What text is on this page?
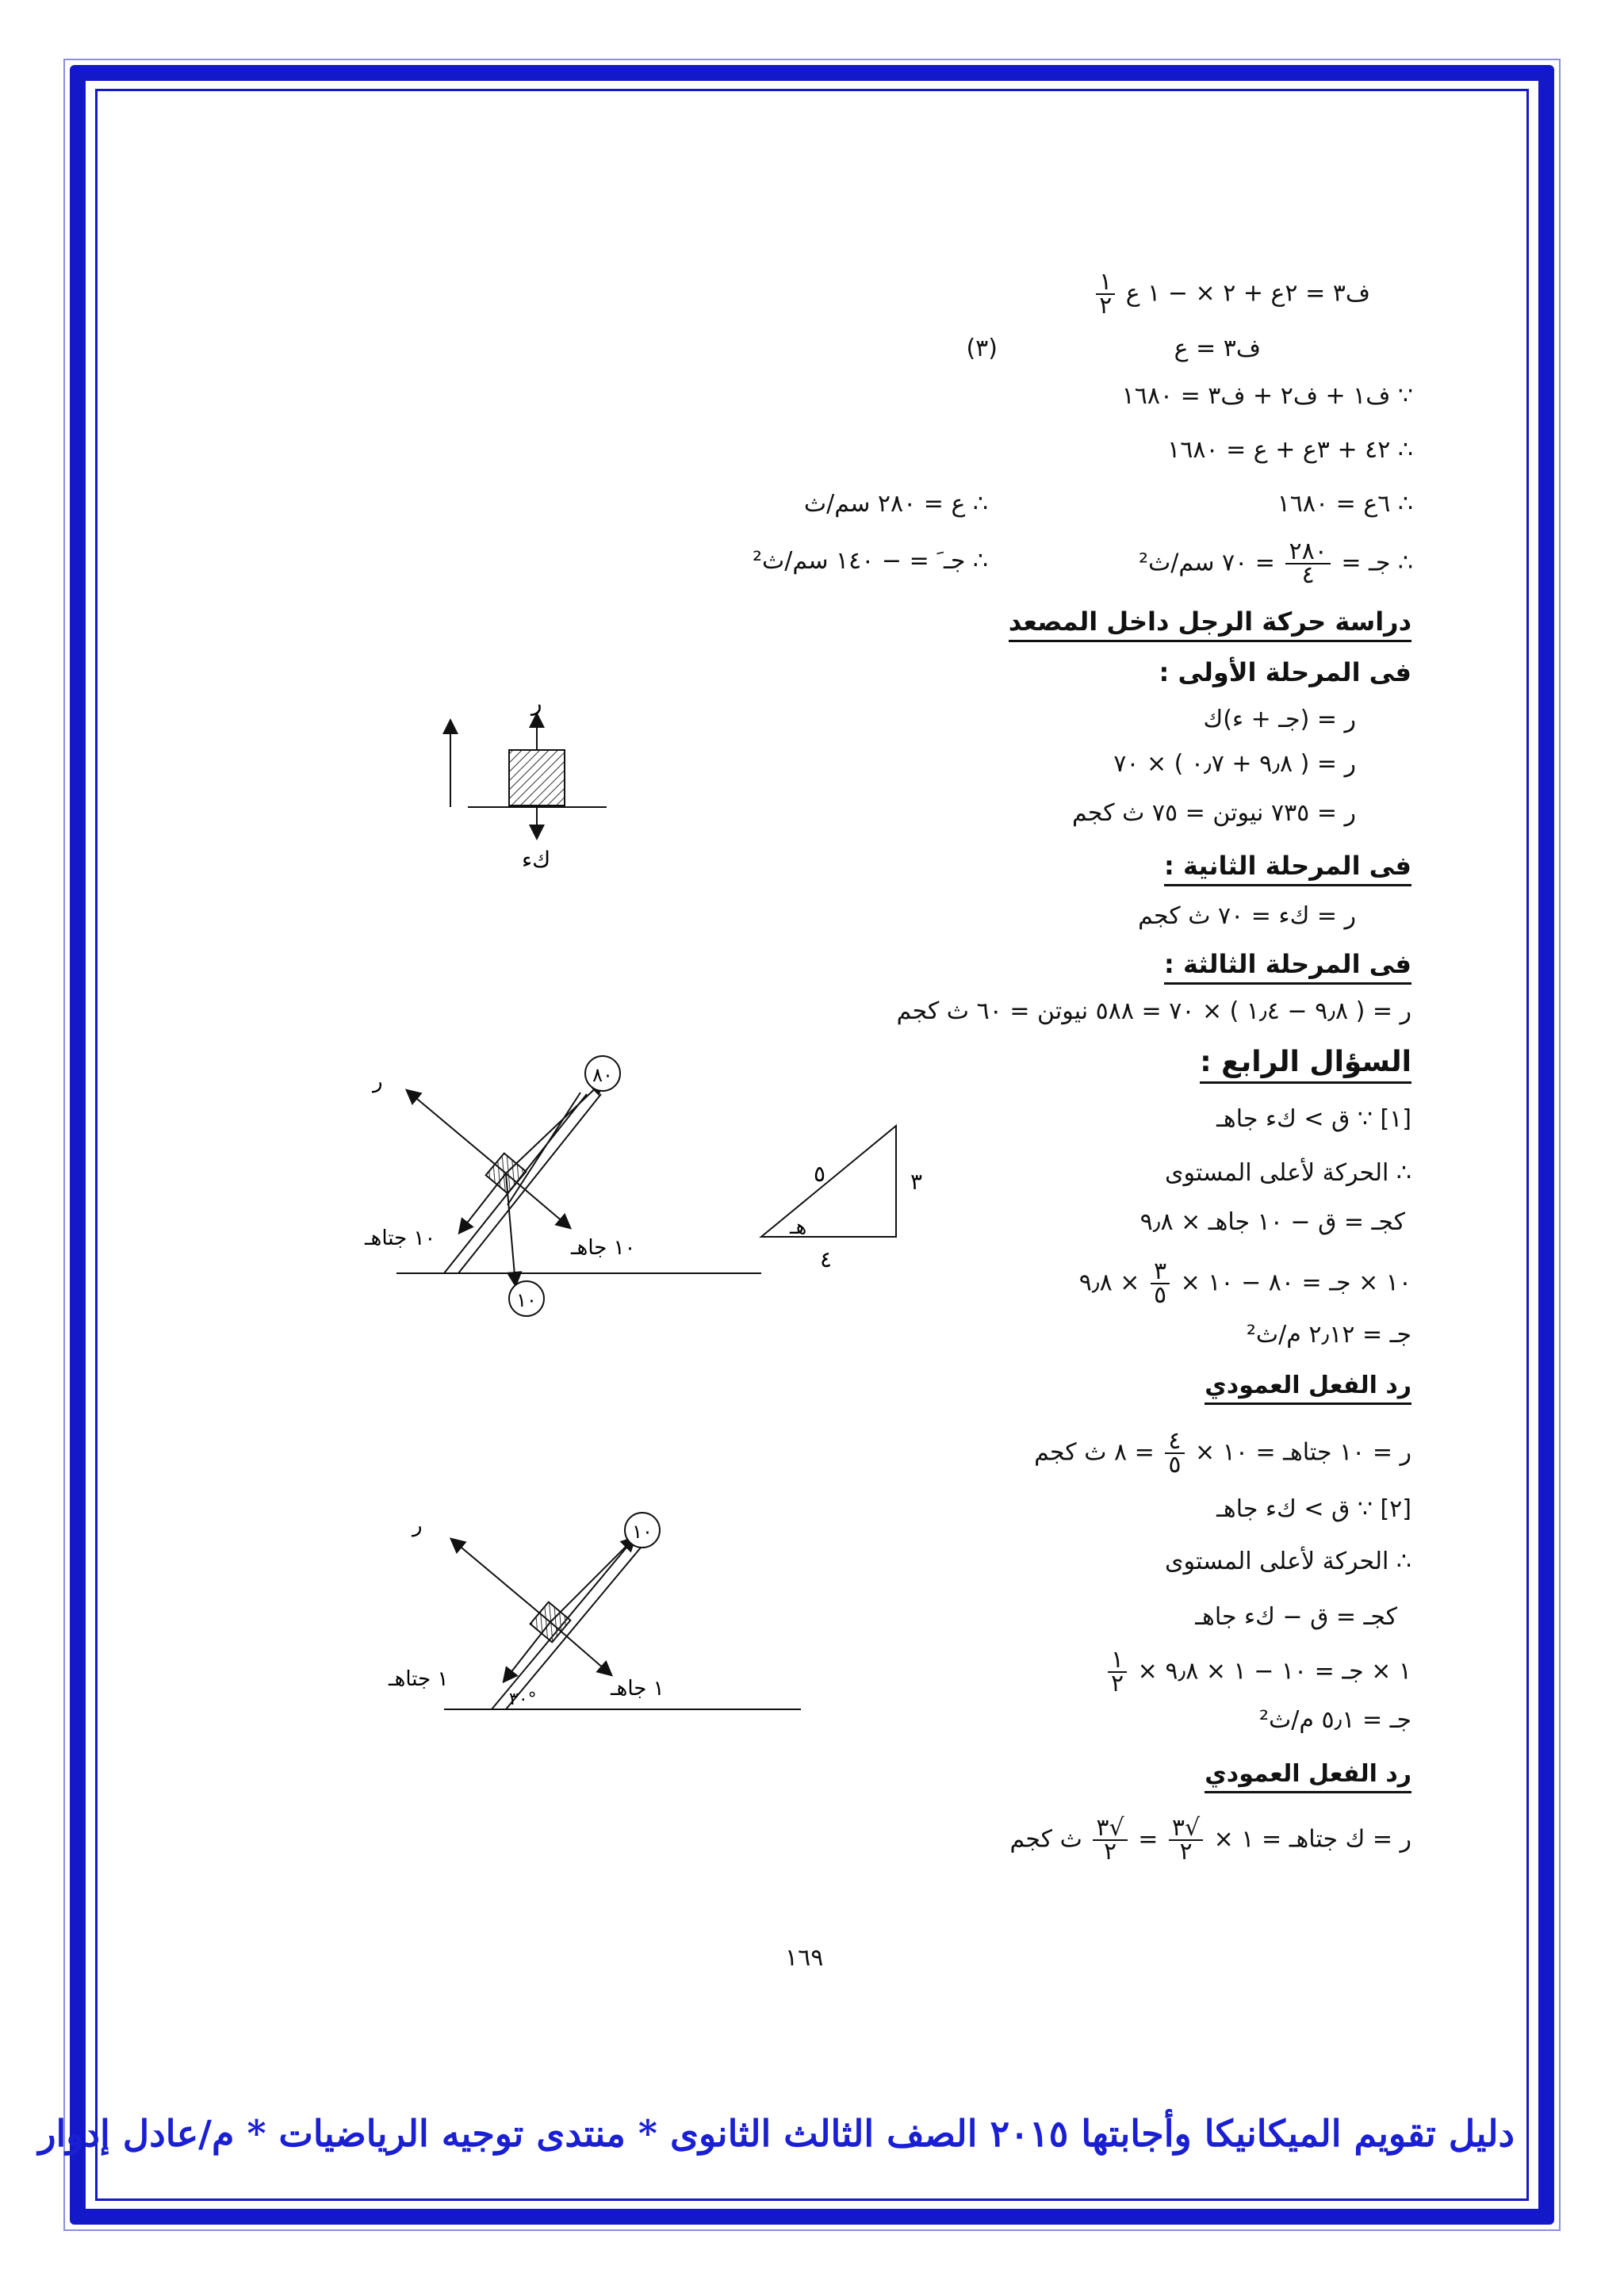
ف٣ = ٢ع + ٢ × − ١ ع
$\frac{١}{٢}$
ف٣ = ع
(٣)
∵ ف١ + ف٢ + ف٣ = ١٦٨٠
∴ ٤٢ + ٣ع + ع = ١٦٨٠
∴ ٦ع = ١٦٨٠
∴ ع = ٢٨٠ سم/ث
∴ جـ =
$\frac{٢٨٠}{٤}$
= ٧٠ سم/ث²
∴ جـ َ = − ١٤٠ سم/ث²
دراسة حركة الرجل داخل المصعد
فى المرحلة الأولى :
ر = (جـ + ء)ك
ر = ( ٩٫٨ + ٠٫٧ ) × ٧٠
ر = ٧٣٥ نيوتن = ٧٥ ث كجم
فى المرحلة الثانية :
ر = كء = ٧٠ ث كجم
فى المرحلة الثالثة :
ر = ( ٩٫٨ − ١٫٤ ) × ٧٠ = ٥٨٨ نيوتن = ٦٠ ث كجم
السؤال الرابع :
[١] ∵ ق > كء جاهـ
∴ الحركة لأعلى المستوى
كجـ = ق − ١٠ جاهـ × ٩٫٨
١٠ × جـ = ٨٠ − ١٠ ×
$\frac{٣}{٥}$
× ٩٫٨
جـ = ٢٫١٢ م/ث²
رد الفعل العمودي
ر = ١٠ جتاهـ = ١٠ ×
$\frac{٤}{٥}$
= ٨ ث كجم
[٢] ∵ ق > كء جاهـ
∴ الحركة لأعلى المستوى
كجـ = ق − كء جاهـ
١ × جـ = ١٠ − ١ × ٩٫٨ ×
$\frac{١}{٢}$
جـ = ٥٫١ م/ث²
رد الفعل العمودي
ر = ك جتاهـ = ١ ×
$\frac{√٣}{٢}$
=
$\frac{√٣}{٢}$
ث كجم
ر
كء
٨٠
١٠
ر
١٠ جتاهـ	١٠ جاهـ
٥	٣
٤
هـ
١٠
ر
١ جتاهـ	١ جاهـ
٣٠°
١٦٩
دليل تقويم الميكانيكا وأجابتها ٢٠١٥ الصف الثالث الثانوى * منتدى توجيه الرياضيات * م/عادل إدوار
